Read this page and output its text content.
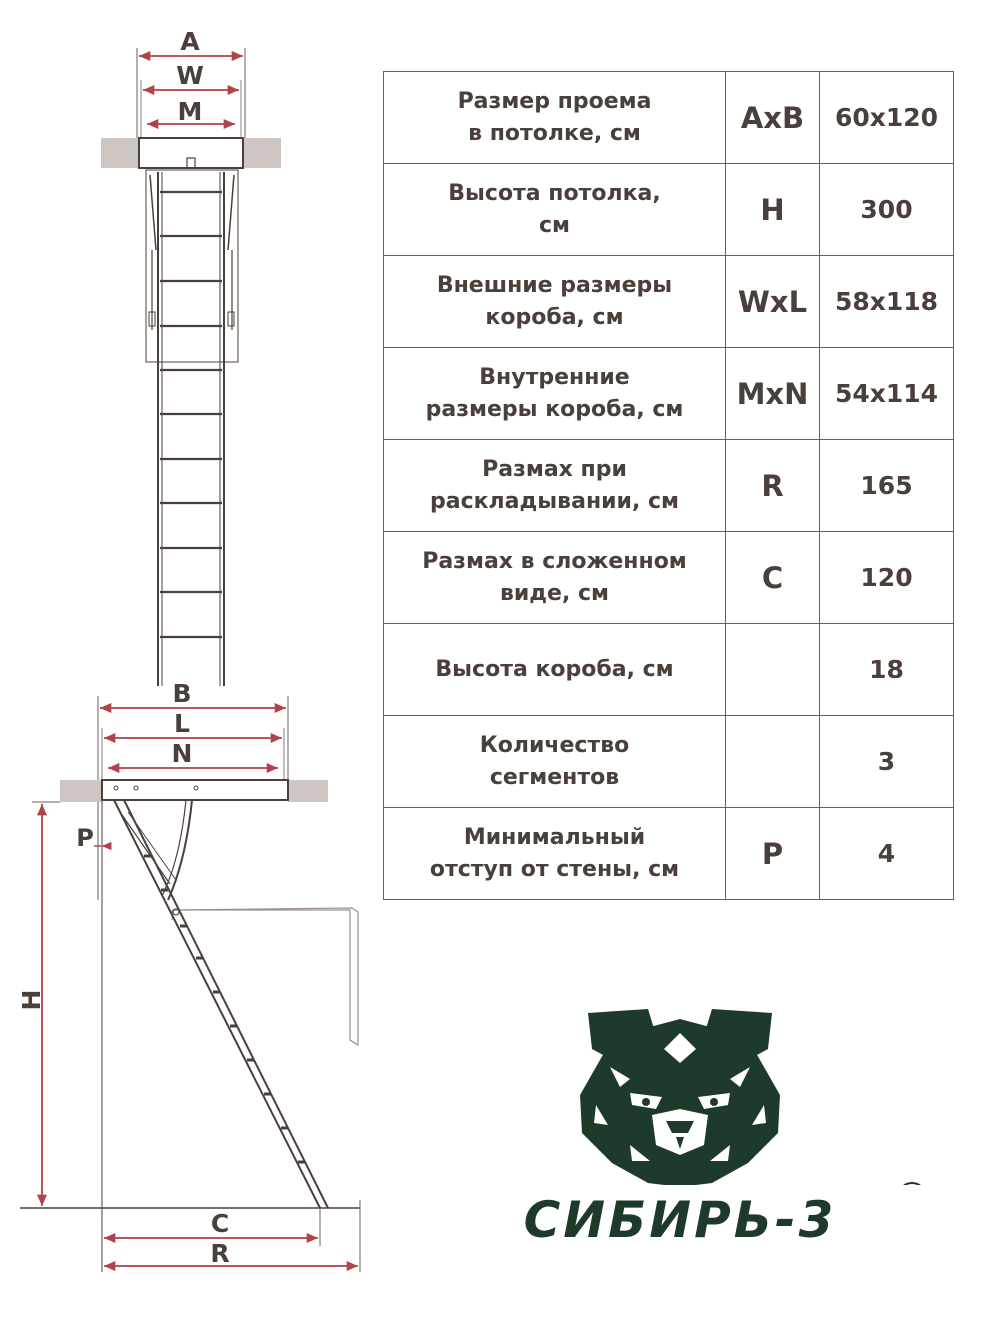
A
W
M
B
L
N
P
H
C
R
Размер проема
в потолке, см	AxB	60x120
Высота потолка,
см	H	300
Внешние размеры
короба, см	WxL	58x118
Внутренние
размеры короба, см	MxN	54x114
Размах при
раскладывании, см	R	165
Размах в сложенном
виде, см	C	120
Высота короба, см		18
Количество
сегментов		3
Минимальный
отступ от стены, см	P	4
СИБИРЬ-3
